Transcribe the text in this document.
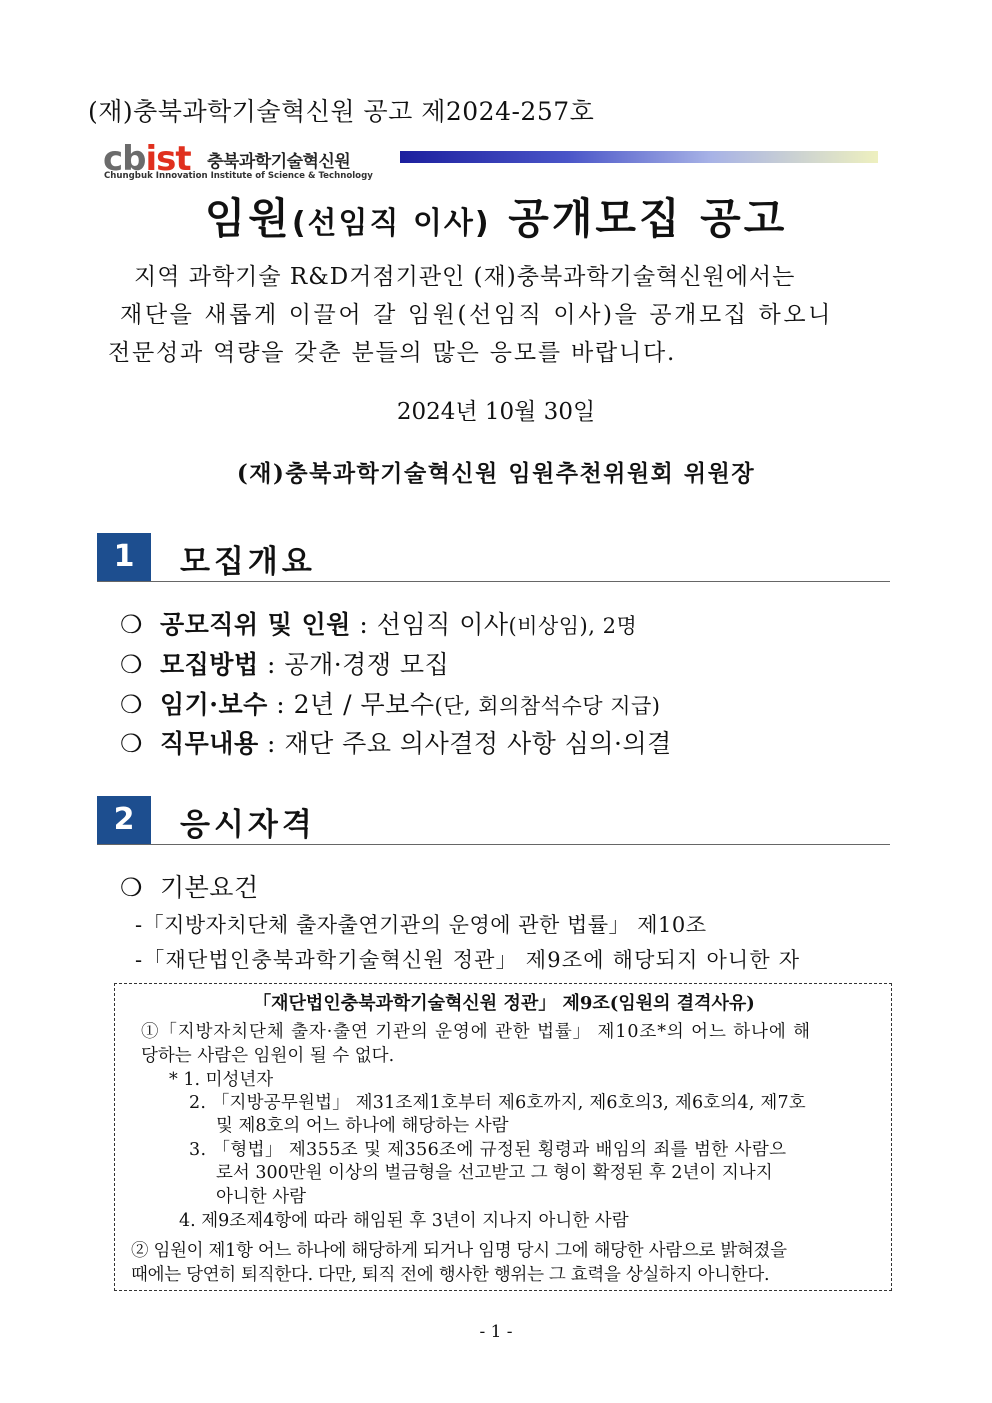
(재)충북과학기술혁신원 공고 제2024-257호
cbist 충북과학기술혁신원
Chungbuk Innovation Institute of Science & Technology
임원(선임직 이사) 공개모집 공고
지역 과학기술 R&D거점기관인 (재)충북과학기술혁신원에서는
재단을 새롭게 이끌어 갈 임원(선임직 이사)을 공개모집 하오니
전문성과 역량을 갖춘 분들의 많은 응모를 바랍니다.
2024년 10월 30일
(재)충북과학기술혁신원 임원추천위원회 위원장
1	모집개요
❍ 공모직위 및 인원 : 선임직 이사(비상임), 2명
❍ 모집방법 : 공개·경쟁 모집
❍ 임기·보수 : 2년 / 무보수(단, 회의참석수당 지급)
❍ 직무내용 : 재단 주요 의사결정 사항 심의·의결
2	응시자격
❍ 기본요건
-「지방자치단체 출자출연기관의 운영에 관한 법률」 제10조
-「재단법인충북과학기술혁신원 정관」 제9조에 해당되지 아니한 자
「재단법인충북과학기술혁신원 정관」 제9조(임원의 결격사유)
①「지방자치단체 출자·출연 기관의 운영에 관한 법률」 제10조*의 어느 하나에 해
당하는 사람은 임원이 될 수 없다.
* 1. 미성년자
2. 「지방공무원법」 제31조제1호부터 제6호까지, 제6호의3, 제6호의4, 제7호
및 제8호의 어느 하나에 해당하는 사람
3. 「형법」 제355조 및 제356조에 규정된 횡령과 배임의 죄를 범한 사람으
로서 300만원 이상의 벌금형을 선고받고 그 형이 확정된 후 2년이 지나지
아니한 사람
4. 제9조제4항에 따라 해임된 후 3년이 지나지 아니한 사람
② 임원이 제1항 어느 하나에 해당하게 되거나 임명 당시 그에 해당한 사람으로 밝혀졌을
때에는 당연히 퇴직한다. 다만, 퇴직 전에 행사한 행위는 그 효력을 상실하지 아니한다.
- 1 -
